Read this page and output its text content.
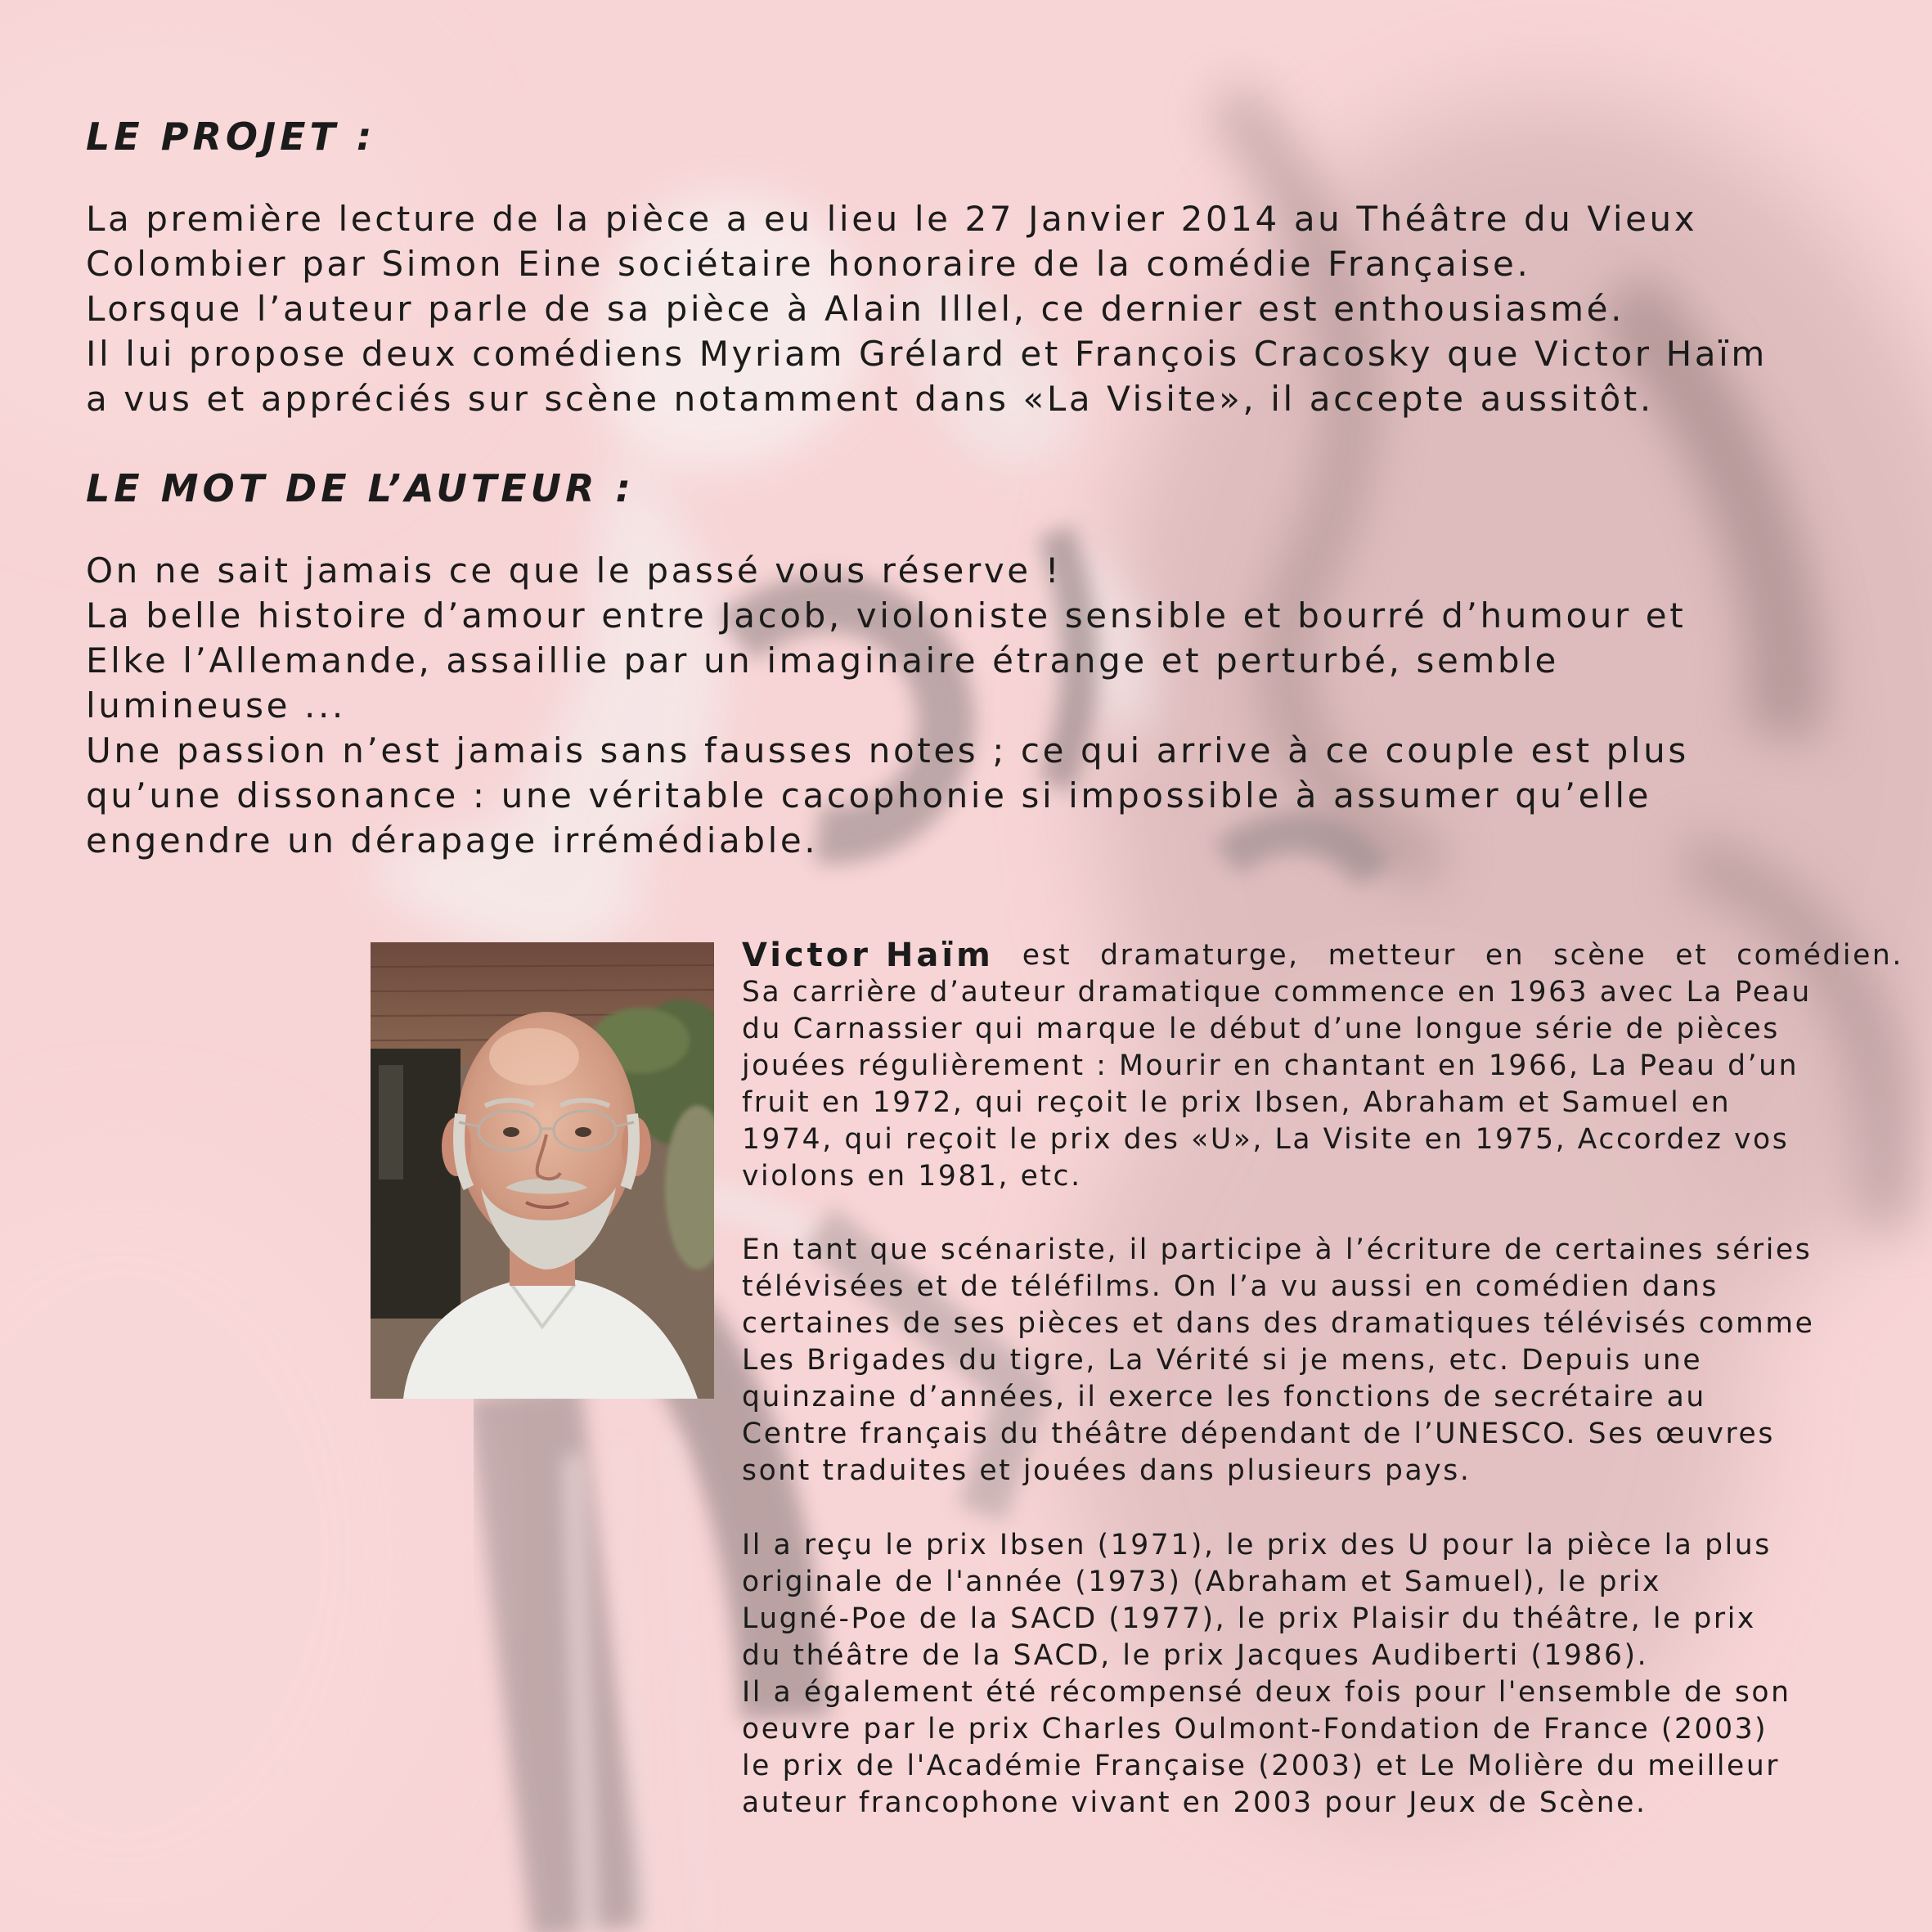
LE PROJET :
La première lecture de la pièce a eu lieu le 27 Janvier 2014 au Théâtre du Vieux
Colombier par Simon Eine sociétaire honoraire de la comédie Française.
Lorsque l’auteur parle de sa pièce à Alain Illel, ce dernier est enthousiasmé.
Il lui propose deux comédiens Myriam Grélard et François Cracosky que Victor Haïm
a vus et appréciés sur scène notamment dans «La Visite», il accepte aussitôt.
LE MOT DE L’AUTEUR :
On ne sait jamais ce que le passé vous réserve !
La belle histoire d’amour entre Jacob, violoniste sensible et bourré d’humour et
Elke l’Allemande, assaillie par un imaginaire étrange et perturbé, semble
lumineuse ...
Une passion n’est jamais sans fausses notes ; ce qui arrive à ce couple est plus
qu’une dissonance : une véritable cacophonie si impossible à assumer qu’elle
engendre un dérapage irrémédiable.
Victor Haïm est dramaturge, metteur en scène et comédien.
Sa carrière d’auteur dramatique commence en 1963 avec La Peau
du Carnassier qui marque le début d’une longue série de pièces
jouées régulièrement : Mourir en chantant en 1966, La Peau d’un
fruit en 1972, qui reçoit le prix Ibsen, Abraham et Samuel en
1974, qui reçoit le prix des «U», La Visite en 1975, Accordez vos
violons en 1981, etc.
En tant que scénariste, il participe à l’écriture de certaines séries
télévisées et de téléfilms. On l’a vu aussi en comédien dans
certaines de ses pièces et dans des dramatiques télévisés comme
Les Brigades du tigre, La Vérité si je mens, etc. Depuis une
quinzaine d’années, il exerce les fonctions de secrétaire au
Centre français du théâtre dépendant de l’UNESCO. Ses œuvres
sont traduites et jouées dans plusieurs pays.
Il a reçu le prix Ibsen (1971), le prix des U pour la pièce la plus
originale de l'année (1973) (Abraham et Samuel), le prix
Lugné-Poe de la SACD (1977), le prix Plaisir du théâtre, le prix
du théâtre de la SACD, le prix Jacques Audiberti (1986).
Il a également été récompensé deux fois pour l'ensemble de son
oeuvre par le prix Charles Oulmont-Fondation de France (2003)
le prix de l'Académie Française (2003) et Le Molière du meilleur
auteur francophone vivant en 2003 pour Jeux de Scène.
